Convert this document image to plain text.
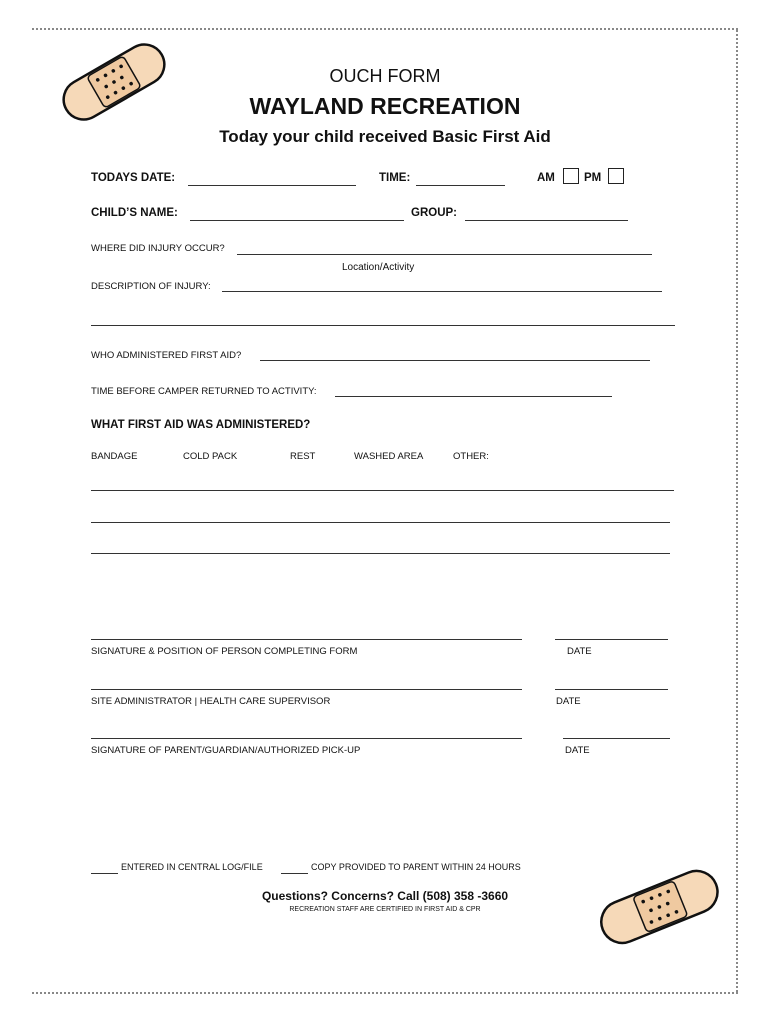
OUCH FORM
WAYLAND RECREATION
Today your child received Basic First Aid
TODAYS DATE:	TIME:	AM	PM
CHILD’S NAME:	GROUP:
WHERE DID INJURY OCCUR?
Location/Activity
DESCRIPTION OF INJURY:
WHO ADMINISTERED FIRST AID?
TIME BEFORE CAMPER RETURNED TO ACTIVITY:
WHAT FIRST AID WAS ADMINISTERED?
BANDAGE	COLD PACK	REST	WASHED AREA	OTHER:
SIGNATURE & POSITION OF PERSON COMPLETING FORM	DATE
SITE ADMINISTRATOR | HEALTH CARE SUPERVISOR	DATE
SIGNATURE OF PARENT/GUARDIAN/AUTHORIZED PICK-UP	DATE
ENTERED IN CENTRAL LOG/FILE	COPY PROVIDED TO PARENT WITHIN 24 HOURS
Questions? Concerns? Call (508) 358 -3660
RECREATION STAFF ARE CERTIFIED IN FIRST AID & CPR
